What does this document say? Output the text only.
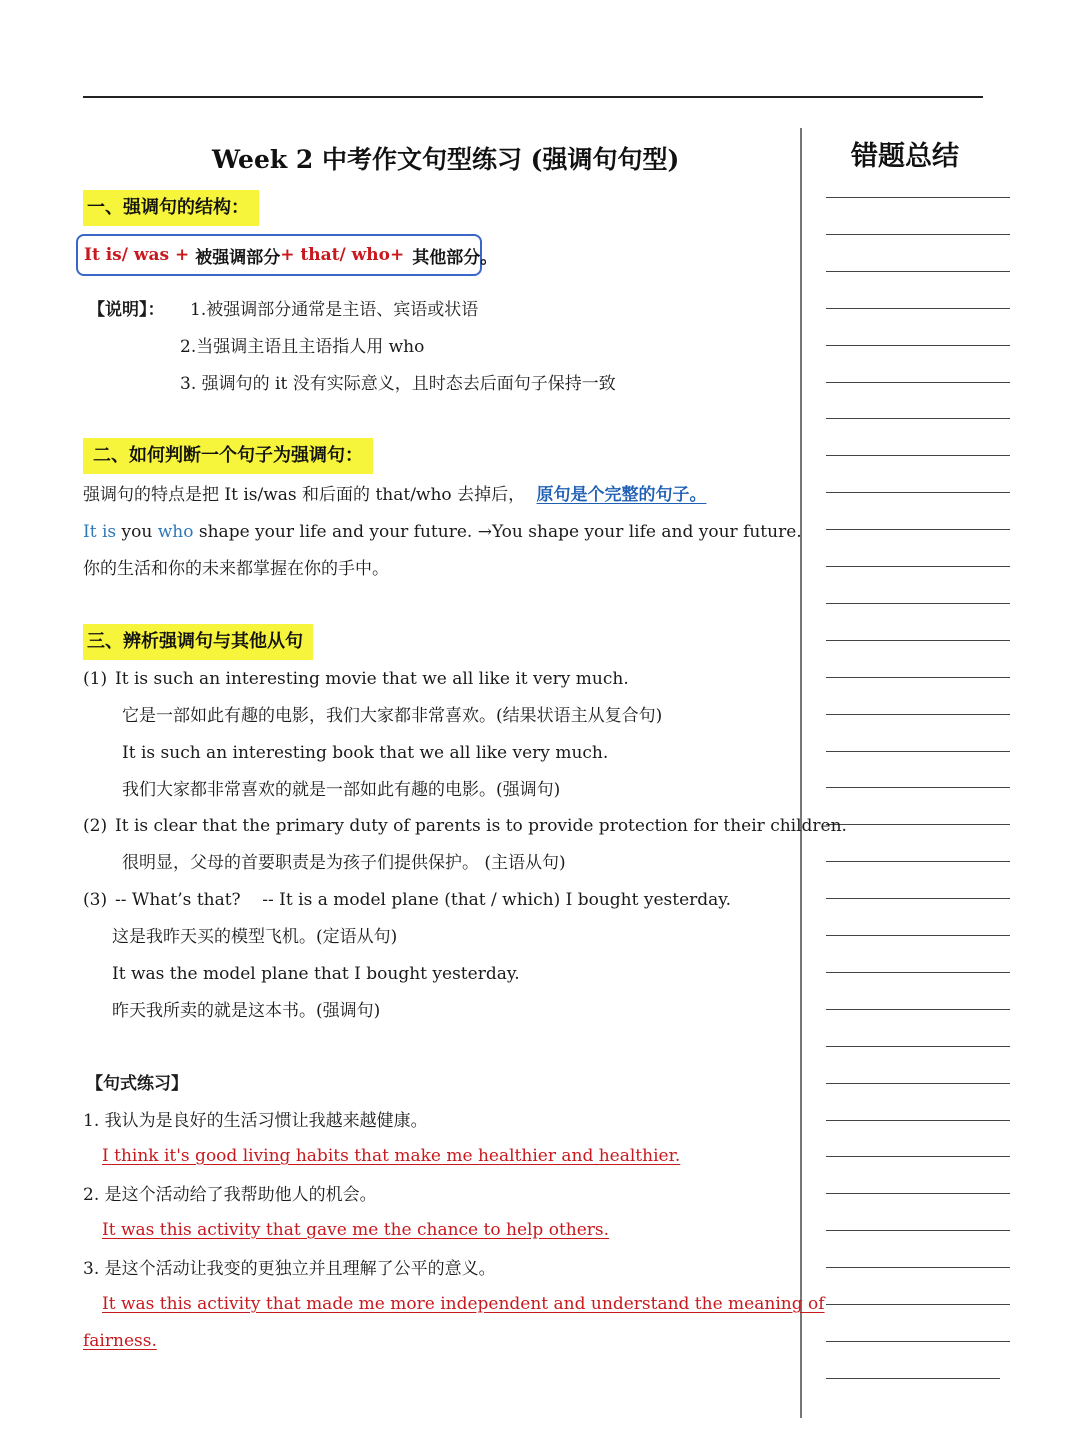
错题总结
Week 2 中考作文句型练习 (强调句句型)
一、强调句的结构：
It is/ was + 被强调部分 + that/ who+ 其他部分。
【说明】： 1.被强调部分通常是主语、宾语或状语
2.当强调主语且主语指人用 who
3. 强调句的 it 没有实际意义，且时态去后面句子保持一致
二、如何判断一个句子为强调句：
强调句的特点是把 It is/was 和后面的 that/who 去掉后， 原句是个完整的句子。
It is you who shape your life and your future. →You shape your life and your future.
你的生活和你的未来都掌握在你的手中。
三、辨析强调句与其他从句
(1) It is such an interesting movie that we all like it very much.
它是一部如此有趣的电影，我们大家都非常喜欢。(结果状语主从复合句)
It is such an interesting book that we all like very much.
我们大家都非常喜欢的就是一部如此有趣的电影。(强调句)
(2) It is clear that the primary duty of parents is to provide protection for their children.
很明显，父母的首要职责是为孩子们提供保护。 (主语从句)
(3) -- What’s that?    -- It is a model plane (that / which) I bought yesterday.
这是我昨天买的模型飞机。(定语从句)
It was the model plane that I bought yesterday.
昨天我所卖的就是这本书。(强调句)
【句式练习】
1. 我认为是良好的生活习惯让我越来越健康。
I think it's good living habits that make me healthier and healthier.
2. 是这个活动给了我帮助他人的机会。
It was this activity that gave me the chance to help others.
3. 是这个活动让我变的更独立并且理解了公平的意义。
It was this activity that made me more independent and understand the meaning of
fairness.
